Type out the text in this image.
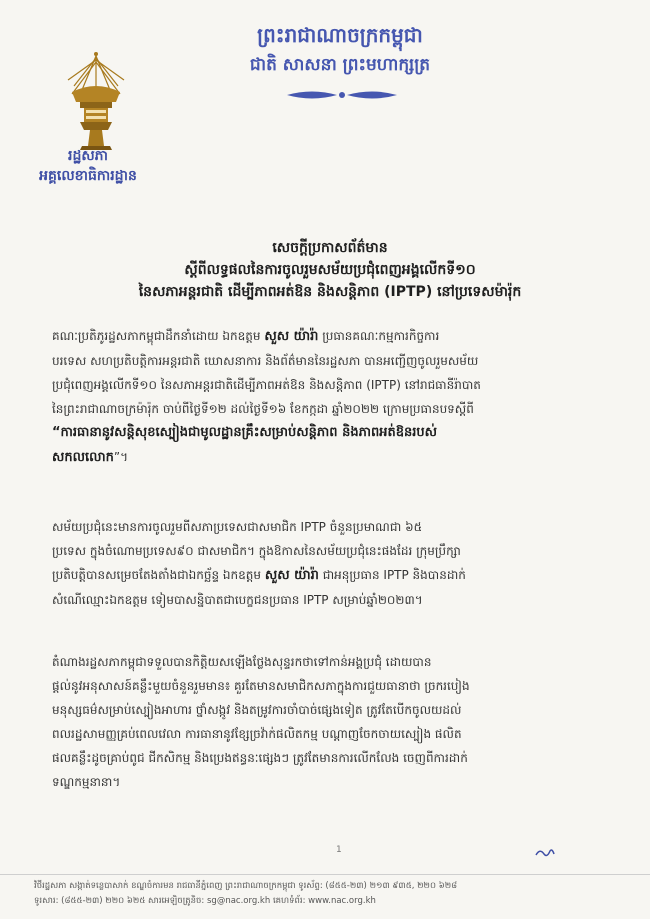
រដ្ឋសភា
អគ្គលេខាធិការដ្ឋាន
ព្រះរាជាណាចក្រកម្ពុជា
ជាតិ សាសនា ព្រះមហាក្សត្រ
សេចក្តីប្រកាសព័ត៌មាន
ស្តីពីលទ្ធផលនៃការចូលរួមសម័យប្រជុំពេញអង្គលើកទី១០
នៃសភាអន្តរជាតិ ដើម្បីភាពអត់ឱន និងសន្តិភាព (IPTP) នៅប្រទេសម៉ារ៉ុក
គណៈប្រតិភូរដ្ឋសភាកម្ពុជាដឹកនាំដោយ ឯកឧត្តម សួស យ៉ារ៉ា ប្រធានគណៈកម្មការកិច្ចការ
បរទេស សហប្រតិបត្តិការអន្តរជាតិ ឃោសនាការ និងព័ត៌មាននៃរដ្ឋសភា បានអញ្ជើញចូលរួមសម័យ
ប្រជុំពេញអង្គលើកទី១០ នៃសភាអន្តរជាតិដើម្បីភាពអត់ឱន និងសន្តិភាព (IPTP) នៅរាជធានីរ៉ាបាត
នៃព្រះរាជាណាចក្រម៉ារ៉ុក ចាប់ពីថ្ងៃទី១២ ដល់ថ្ងៃទី១៦ ខែកក្កដា ឆ្នាំ២០២២ ក្រោមប្រធានបទស្តីពី
“ការធានានូវសន្តិសុខស្បៀងជាមូលដ្ឋានគ្រឹះសម្រាប់សន្តិភាព និងភាពអត់ឱនរបស់
សកលលោក”។
សម័យប្រជុំនេះមានការចូលរួមពីសភាប្រទេសជាសមាជិក IPTP ចំនួនប្រមាណជា ៦៥
ប្រទេស ក្នុងចំណោមប្រទេស៩០ ជាសមាជិក។ ក្នុងឱកាសនៃសម័យប្រជុំនេះផងដែរ ក្រុមប្រឹក្សា
ប្រតិបត្តិបានសម្រេចតែងតាំងជាឯកច្ឆ័ន្ទ ឯកឧត្តម សួស យ៉ារ៉ា ជាអនុប្រធាន IPTP និងបានដាក់
សំណើឈ្មោះឯកឧត្តម ទៀមបាសន្និបាតជាបេក្ខជនប្រធាន IPTP សម្រាប់ឆ្នាំ២០២៣។
តំណាងរដ្ឋសភាកម្ពុជាទទួលបានកិត្តិយសឡើងថ្លែងសុន្ទរកថាទៅកាន់អង្គប្រជុំ ដោយបាន
ផ្តល់នូវអនុសាសន៍គន្លឹះមួយចំនួនរួមមាន៖ គួរតែមានសមាជិកសភាក្នុងការជួយធានាថា ច្រករបៀង
មនុស្សធម៌សម្រាប់ស្បៀងអាហារ ថ្នាំសង្កូវ និងតម្រូវការចាំបាច់ផ្សេងទៀត ត្រូវតែបើកចូលយដល់
ពលរដ្ឋសាមញ្ញគ្រប់ពេលវេលា ការធានានូវខ្សែច្រវ៉ាក់ផលិតកម្ម បណ្តាញចែកចាយស្បៀង ផលិត
ផលគន្លឹះដូចគ្រាប់ពូជ ជីកសិកម្ម និងប្រេងឥន្ធនៈផ្សេងៗ ត្រូវតែមានការលើកលែង ចេញពីការដាក់
ទណ្ឌកម្មនានា។
1
វិថីរដ្ឋសភា សង្កាត់ទន្លេបាសាក់ ខណ្ឌចំការមន រាជធានីភ្នំពេញ ព្រះរាជាណាចក្រកម្ពុជា ទូរស័ព្ទ: (៨៥៥-២៣) ២១៣ ៩៣៥, ២២០ ៦២៨
ទូរសារ: (៨៥៥-២៣) ២២០ ៦២៥ សារអេឡិចត្រូនិច: sg@nac.org.kh គេហទំព័រ: www.nac.org.kh
